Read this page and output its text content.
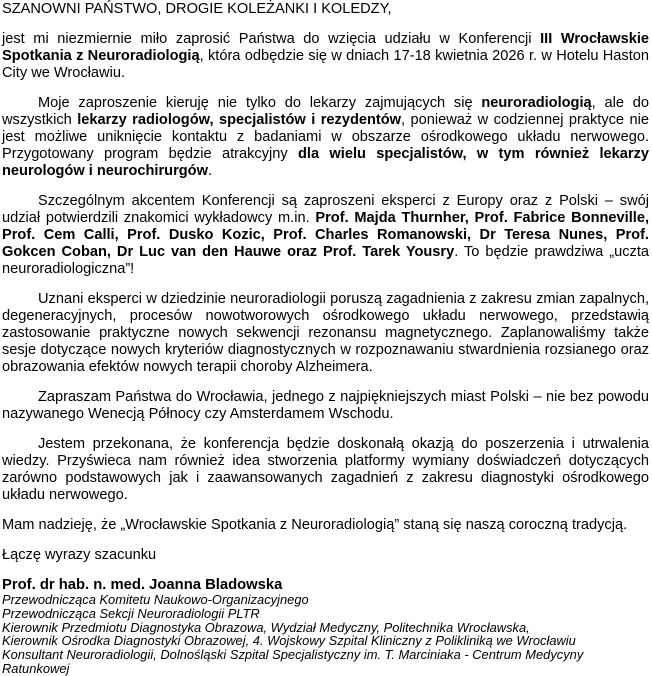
SZANOWNI PAŃSTWO, DROGIE KOLEŻANKI I KOLEDZY,

jest mi niezmiernie miło zaprosić Państwa do wzięcia udziału w Konferencji III Wrocławskie Spotkania z Neuroradiologią, która odbędzie się w dniach 17-18 kwietnia 2026 r. w Hotelu Haston City we Wrocławiu.

Moje zaproszenie kieruję nie tylko do lekarzy zajmujących się neuroradiologią, ale do wszystkich lekarzy radiologów, specjalistów i rezydentów, ponieważ w codziennej praktyce nie jest możliwe uniknięcie kontaktu z badaniami w obszarze ośrodkowego układu nerwowego. Przygotowany program będzie atrakcyjny dla wielu specjalistów, w tym również lekarzy neurologów i neurochirurgów.

Szczególnym akcentem Konferencji są zaproszeni eksperci z Europy oraz z Polski – swój udział potwierdzili znakomici wykładowcy m.in. Prof. Majda Thurnher, Prof. Fabrice Bonneville, Prof. Cem Calli, Prof. Dusko Kozic, Prof. Charles Romanowski, Dr Teresa Nunes, Prof. Gokcen Coban, Dr Luc van den Hauwe oraz Prof. Tarek Yousry. To będzie prawdziwa „uczta neuroradiologiczna”!

Uznani eksperci w dziedzinie neuroradiologii poruszą zagadnienia z zakresu zmian zapalnych, degeneracyjnych, procesów nowotworowych ośrodkowego układu nerwowego, przedstawią zastosowanie praktyczne nowych sekwencji rezonansu magnetycznego. Zaplanowaliśmy także sesje dotyczące nowych kryteriów diagnostycznych w rozpoznawaniu stwardnienia rozsianego oraz obrazowania efektów nowych terapii choroby Alzheimera.

Zapraszam Państwa do Wrocławia, jednego z najpiękniejszych miast Polski – nie bez powodu nazywanego Wenecją Północy czy Amsterdamem Wschodu.

Jestem przekonana, że konferencja będzie doskonałą okazją do poszerzenia i utrwalenia wiedzy. Przyświeca nam również idea stworzenia platformy wymiany doświadczeń dotyczących zarówno podstawowych jak i zaawansowanych zagadnień z zakresu diagnostyki ośrodkowego układu nerwowego.

Mam nadzieję, że „Wrocławskie Spotkania z Neuroradiologią” staną się naszą coroczną tradycją.

Łączę wyrazy szacunku

Prof. dr hab. n. med. Joanna Bladowska

Przewodnicząca Komitetu Naukowo-Organizacyjnego

Przewodnicząca Sekcji Neuroradiologii PLTR

Kierownik Przedmiotu Diagnostyka Obrazowa, Wydział Medyczny, Politechnika Wrocławska,

Kierownik Ośrodka Diagnostyki Obrazowej, 4. Wojskowy Szpital Kliniczny z Polikliniką we Wrocławiu

Konsultant Neuroradiologii, Dolnośląski Szpital Specjalistyczny im. T. Marciniaka - Centrum Medycyny Ratunkowej
